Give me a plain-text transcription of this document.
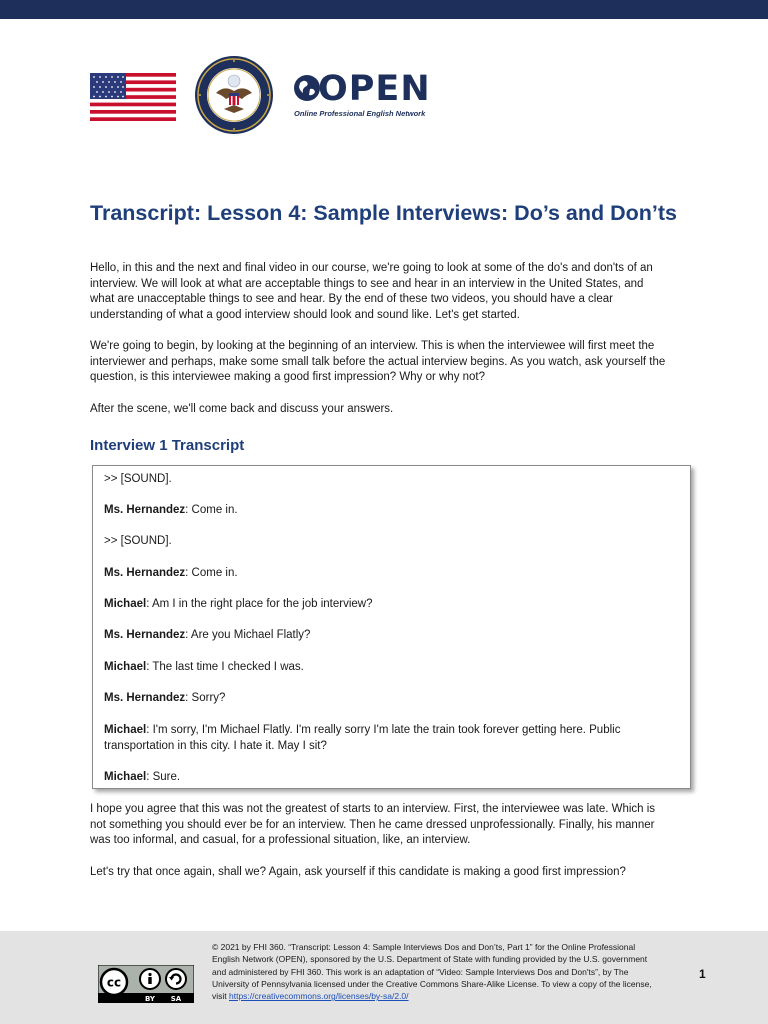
OPEN
Online Professional English Network
Transcript: Lesson 4: Sample Interviews: Do’s and Don’ts

Hello, in this and the next and final video in our course, we're going to look at some of the do's and don'ts of an interview. We will look at what are acceptable things to see and hear in an interview in the United States, and what are unacceptable things to see and hear. By the end of these two videos, you should have a clear understanding of what a good interview should look and sound like. Let's get started.

We're going to begin, by looking at the beginning of an interview. This is when the interviewee will first meet the interviewer and perhaps, make some small talk before the actual interview begins. As you watch, ask yourself the question, is this interviewee making a good first impression? Why or why not?

After the scene, we'll come back and discuss your answers.

Interview 1 Transcript
>> [SOUND].
Ms. Hernandez: Come in.
>> [SOUND].
Ms. Hernandez: Come in.
Michael: Am I in the right place for the job interview?
Ms. Hernandez: Are you Michael Flatly?
Michael: The last time I checked I was.
Ms. Hernandez: Sorry?
Michael: I'm sorry, I'm Michael Flatly. I'm really sorry I'm late the train took forever getting here. Public transportation in this city. I hate it. May I sit?
Michael: Sure.

I hope you agree that this was not the greatest of starts to an interview. First, the interviewee was late. Which is not something you should ever be for an interview. Then he came dressed unprofessionally. Finally, his manner was too informal, and casual, for a professional situation, like, an interview.

Let's try that once again, shall we? Again, ask yourself if this candidate is making a good first impression?

cc
BY SA
© 2021 by FHI 360. “Transcript: Lesson 4: Sample Interviews Dos and Don’ts, Part 1” for the Online Professional English Network (OPEN), sponsored by the U.S. Department of State with funding provided by the U.S. government and administered by FHI 360. This work is an adaptation of “Video: Sample Interviews Dos and Don'ts”, by The University of Pennsylvania licensed under the Creative Commons Share-Alike License. To view a copy of the license, visit https://creativecommons.org/licenses/by-sa/2.0/
1
